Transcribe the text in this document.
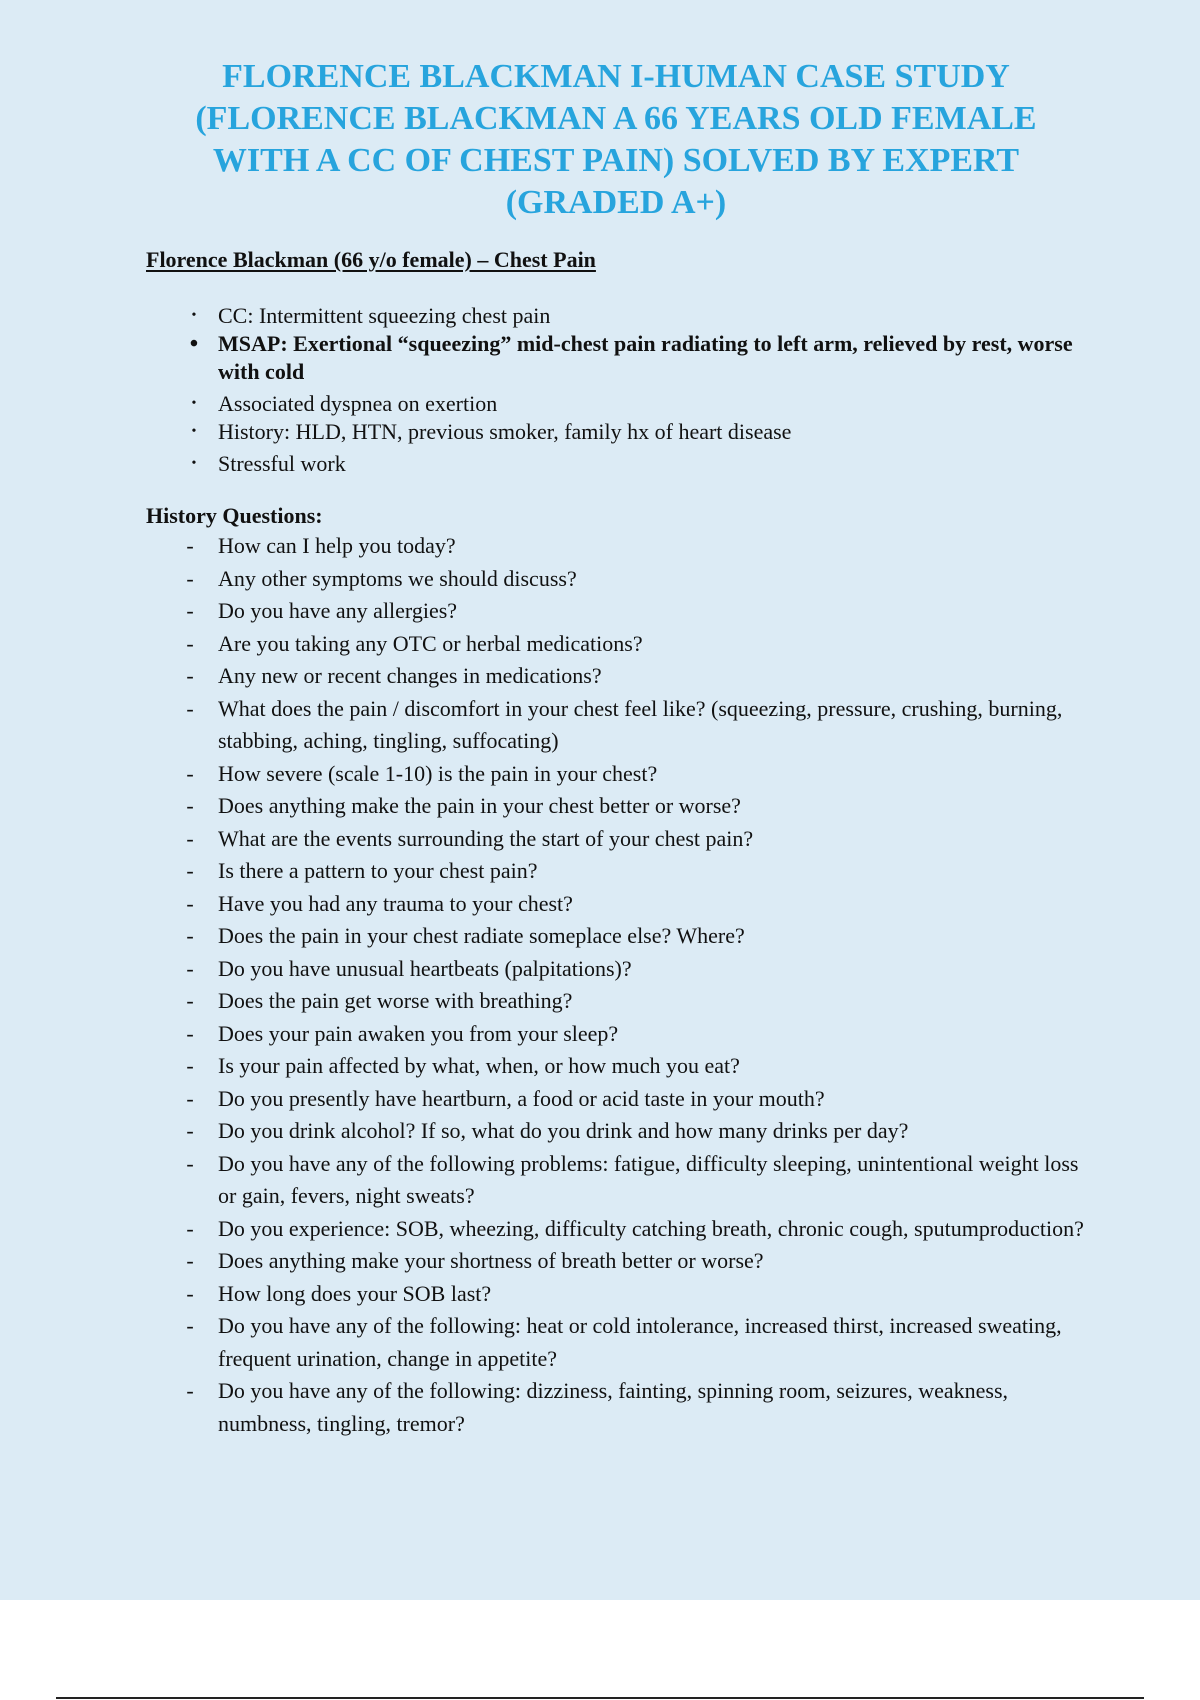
FLORENCE BLACKMAN I-HUMAN CASE STUDY
(FLORENCE BLACKMAN A 66 YEARS OLD FEMALE
WITH A CC OF CHEST PAIN) SOLVED BY EXPERT
(GRADED A+)
Florence Blackman (66 y/o female) – Chest Pain
• CC: Intermittent squeezing chest pain
• MSAP: Exertional “squeezing” mid-chest pain radiating to left arm, relieved by rest, worse with cold
• Associated dyspnea on exertion
• History: HLD, HTN, previous smoker, family hx of heart disease
• Stressful work
History Questions:
- How can I help you today?
- Any other symptoms we should discuss?
- Do you have any allergies?
- Are you taking any OTC or herbal medications?
- Any new or recent changes in medications?
- What does the pain / discomfort in your chest feel like? (squeezing, pressure, crushing, burning, stabbing, aching, tingling, suffocating)
- How severe (scale 1-10) is the pain in your chest?
- Does anything make the pain in your chest better or worse?
- What are the events surrounding the start of your chest pain?
- Is there a pattern to your chest pain?
- Have you had any trauma to your chest?
- Does the pain in your chest radiate someplace else? Where?
- Do you have unusual heartbeats (palpitations)?
- Does the pain get worse with breathing?
- Does your pain awaken you from your sleep?
- Is your pain affected by what, when, or how much you eat?
- Do you presently have heartburn, a food or acid taste in your mouth?
- Do you drink alcohol? If so, what do you drink and how many drinks per day?
- Do you have any of the following problems: fatigue, difficulty sleeping, unintentional weight loss or gain, fevers, night sweats?
- Do you experience: SOB, wheezing, difficulty catching breath, chronic cough, sputumproduction?
- Does anything make your shortness of breath better or worse?
- How long does your SOB last?
- Do you have any of the following: heat or cold intolerance, increased thirst, increased sweating, frequent urination, change in appetite?
- Do you have any of the following: dizziness, fainting, spinning room, seizures, weakness, numbness, tingling, tremor?
